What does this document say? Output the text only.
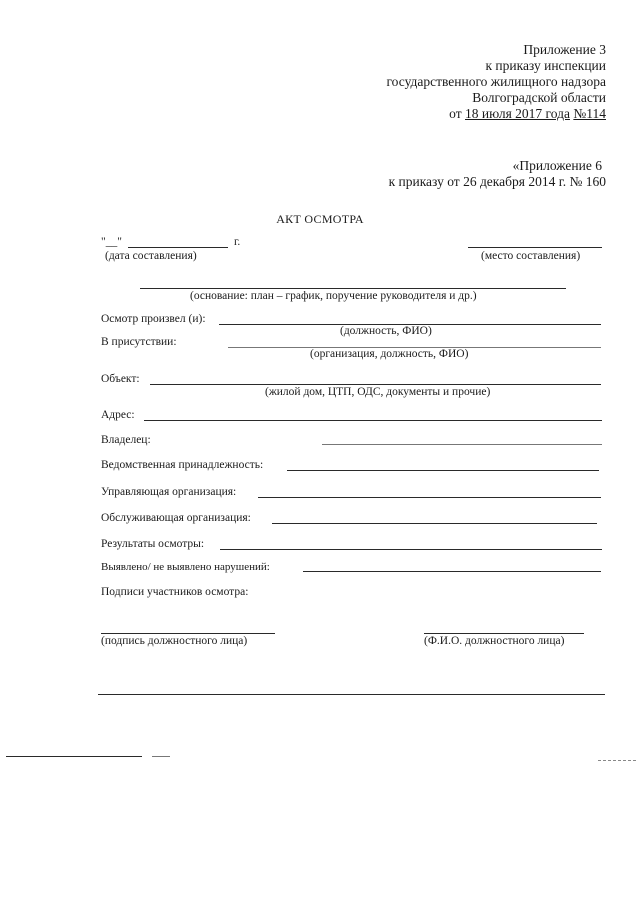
Приложение 3
к приказу инспекции
государственного жилищного надзора
Волгоградской области
от 18 июля 2017 года №114
«Приложение 6
к приказу от 26 декабря 2014 г. № 160
АКТ ОСМОТРА
"__"	г.
(дата составления)	(место составления)
(основание: план – график, поручение руководителя и др.)
Осмотр произвел (и):
(должность, ФИО)
В присутствии:
(организация, должность, ФИО)
Объект:
(жилой дом, ЦТП, ОДС, документы и прочие)
Адрес:
Владелец:
Ведомственная принадлежность:
Управляющая организация:
Обслуживающая организация:
Результаты осмотры:
Выявлено/ не выявлено нарушений:
Подписи участников осмотра:
(подпись должностного лица)	(Ф.И.О. должностного лица)
